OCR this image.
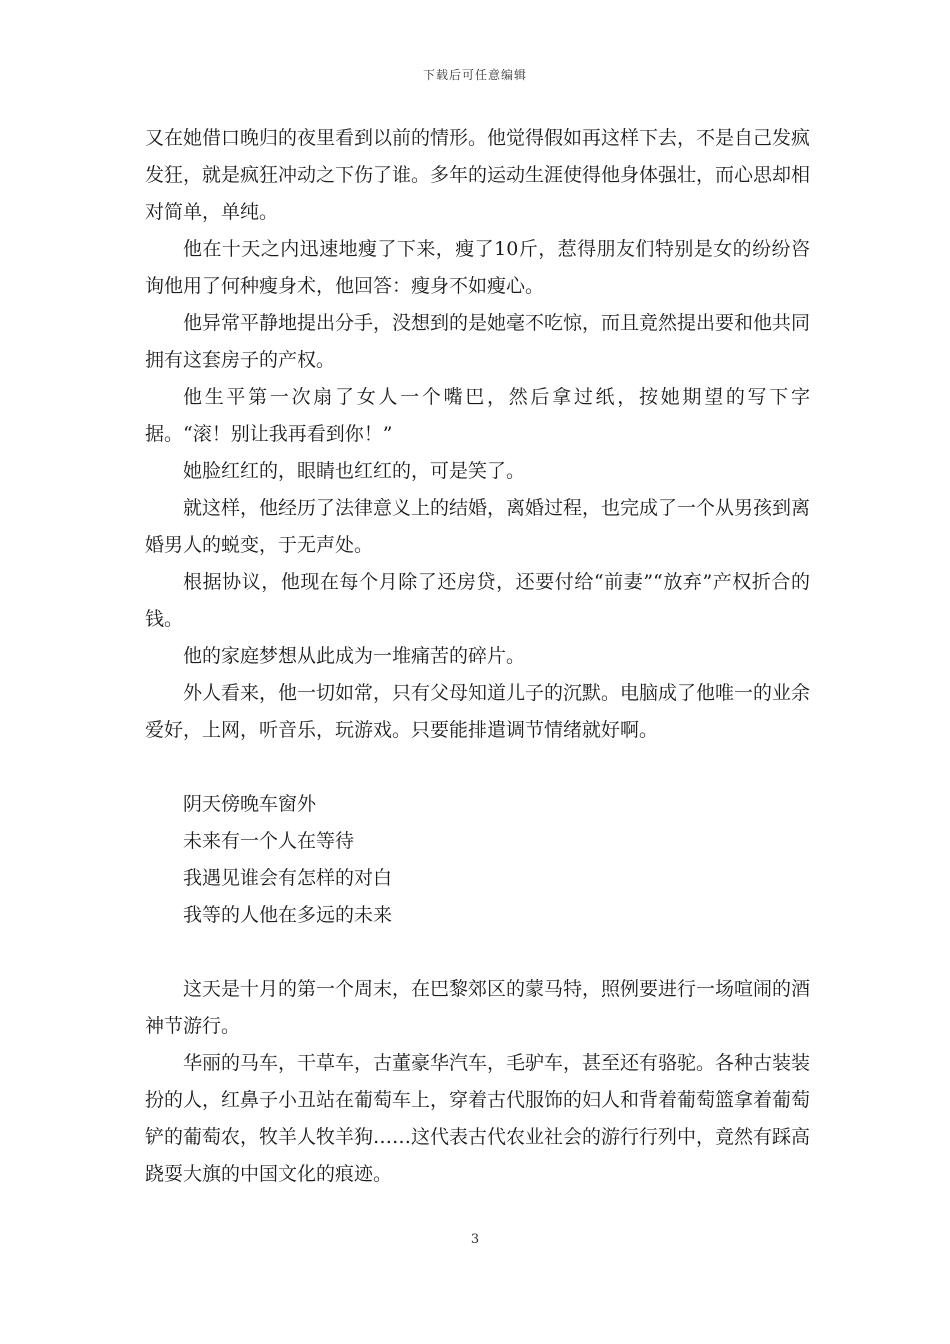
下载后可任意编辑

又在她借口晚归的夜里看到以前的情形。他觉得假如再这样下去，不是自己发疯发狂，就是疯狂冲动之下伤了谁。多年的运动生涯使得他身体强壮，而心思却相对简单，单纯。

他在十天之内迅速地瘦了下来，瘦了10斤，惹得朋友们特别是女的纷纷咨询他用了何种瘦身术，他回答：瘦身不如瘦心。

他异常平静地提出分手，没想到的是她毫不吃惊，而且竟然提出要和他共同拥有这套房子的产权。

他生平第一次扇了女人一个嘴巴，然后拿过纸，按她期望的写下字据。“滚！别让我再看到你！”

她脸红红的，眼睛也红红的，可是笑了。

就这样，他经历了法律意义上的结婚，离婚过程，也完成了一个从男孩到离婚男人的蜕变，于无声处。

根据协议，他现在每个月除了还房贷，还要付给“前妻”“放弃”产权折合的钱。

他的家庭梦想从此成为一堆痛苦的碎片。

外人看来，他一切如常，只有父母知道儿子的沉默。电脑成了他唯一的业余爱好，上网，听音乐，玩游戏。只要能排遣调节情绪就好啊。

阴天傍晚车窗外

未来有一个人在等待

我遇见谁会有怎样的对白

我等的人他在多远的未来

这天是十月的第一个周末，在巴黎郊区的蒙马特，照例要进行一场喧闹的酒神节游行。

华丽的马车，干草车，古董豪华汽车，毛驴车，甚至还有骆驼。各种古装装扮的人，红鼻子小丑站在葡萄车上，穿着古代服饰的妇人和背着葡萄篮拿着葡萄铲的葡萄农，牧羊人牧羊狗……这代表古代农业社会的游行行列中，竟然有踩高跷耍大旗的中国文化的痕迹。

3
